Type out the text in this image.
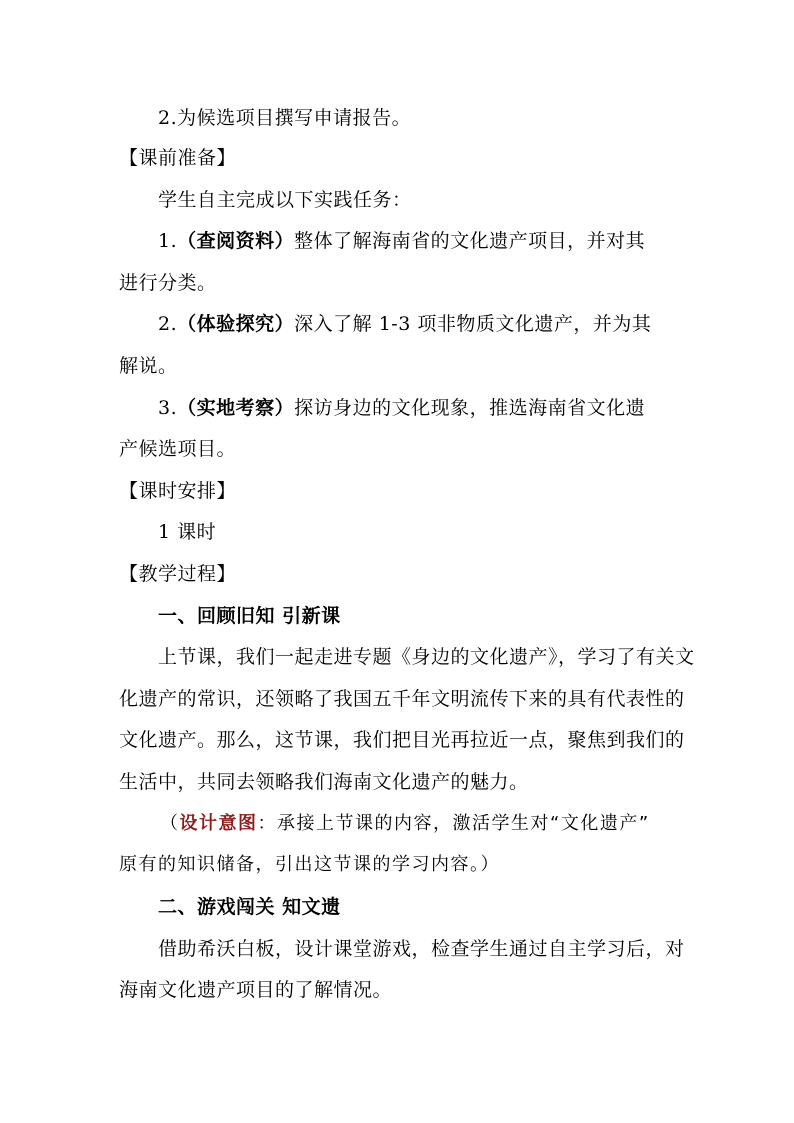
2.为候选项目撰写申请报告。
【课前准备】
学生自主完成以下实践任务：
1.（查阅资料）整体了解海南省的文化遗产项目，并对其
进行分类。
2.（体验探究）深入了解 1-3 项非物质文化遗产，并为其
解说。
3.（实地考察）探访身边的文化现象，推选海南省文化遗
产候选项目。
【课时安排】
1 课时
【教学过程】
一、回顾旧知 引新课
上节课，我们一起走进专题《身边的文化遗产》，学习了有关文
化遗产的常识，还领略了我国五千年文明流传下来的具有代表性的
文化遗产。那么，这节课，我们把目光再拉近一点，聚焦到我们的
生活中，共同去领略我们海南文化遗产的魅力。
（设计意图：承接上节课的内容，激活学生对“文化遗产”
原有的知识储备，引出这节课的学习内容。）
二、游戏闯关 知文遗
借助希沃白板，设计课堂游戏，检查学生通过自主学习后，对
海南文化遗产项目的了解情况。
